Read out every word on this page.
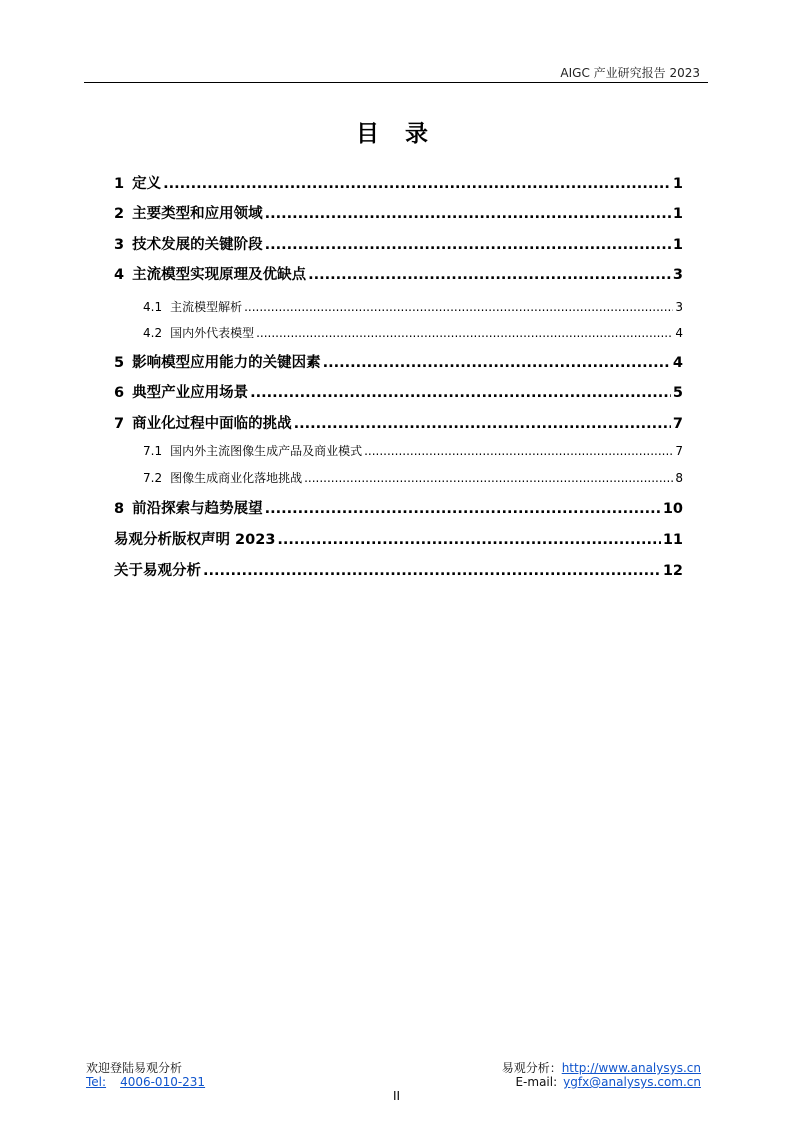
AIGC 产业研究报告 2023
目 录
1 定义 .....	1
2 主要类型和应用领域 .....	1
3 技术发展的关键阶段 .....	1
4 主流模型实现原理及优缺点 .....	3
4.1 主流模型解析 .....	3
4.2 国内外代表模型 .....	4
5 影响模型应用能力的关键因素 .....	4
6 典型产业应用场景 .....	5
7 商业化过程中面临的挑战 .....	7
7.1 国内外主流图像生成产品及商业模式 .....	7
7.2 图像生成商业化落地挑战 .....	8
8 前沿探索与趋势展望 .....	10
易观分析版权声明 2023 .....	11
关于易观分析 .....	12
欢迎登陆易观分析
Tel: 4006-010-231
易观分析：http://www.analysys.cn
E-mail: ygfx@analysys.com.cn
II
